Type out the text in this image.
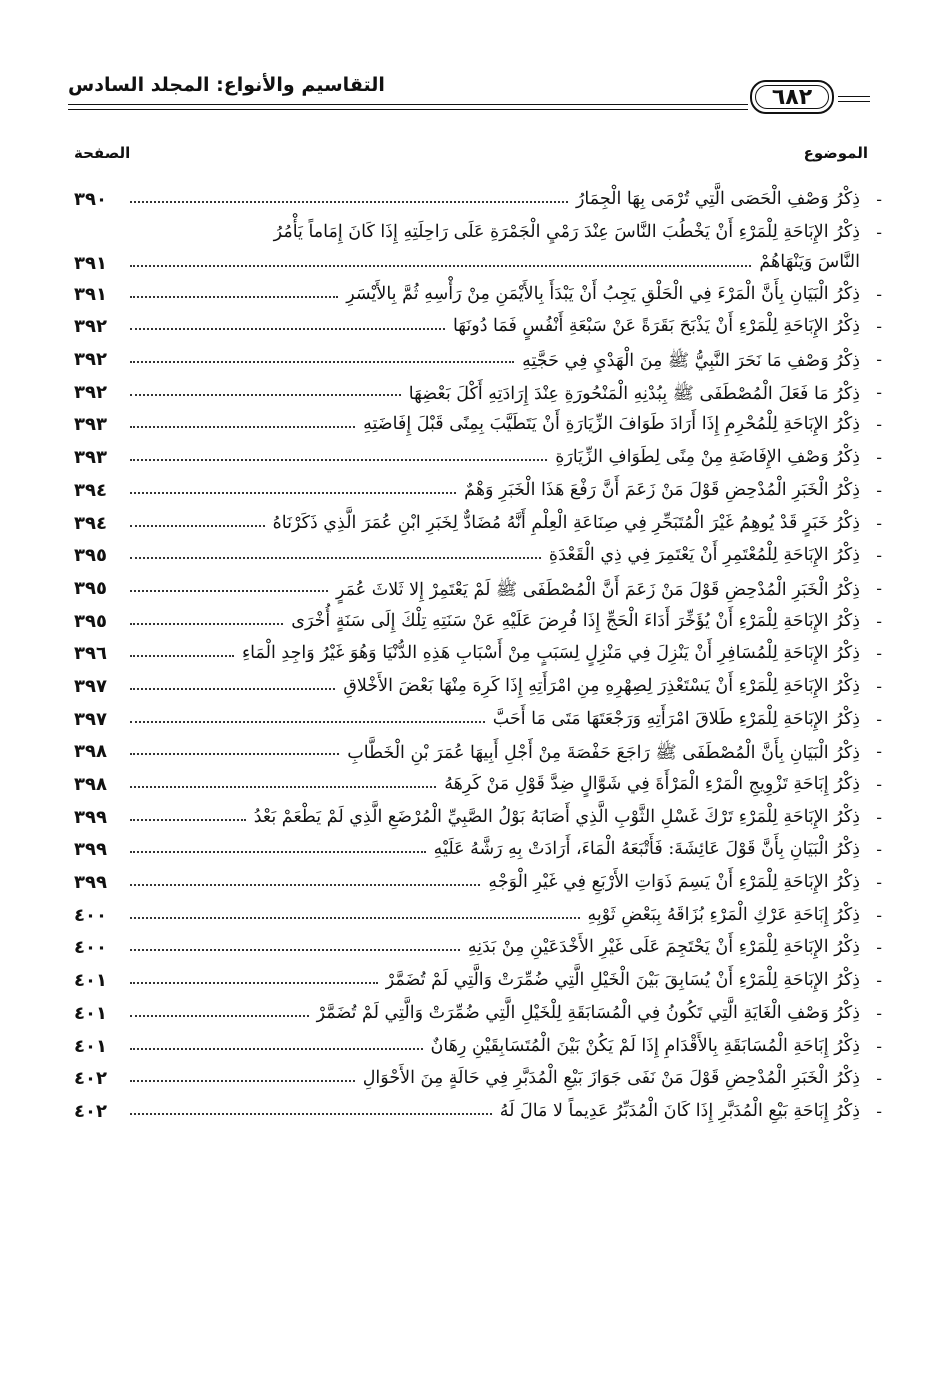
التقاسيم والأنواع: المجلد السادس	٦٨٢
الموضوع
الصفحة
-
ذِكْرُ وَصْفِ الْحَصَى الَّتِي تُرْمَى بِهَا الْجِمَارُ
٣٩٠
-
ذِكْرُ الإِبَاحَةِ لِلْمَرْءِ أَنْ يَخْطُبَ النَّاسَ عِنْدَ رَمْيِ الْجَمْرَةِ عَلَى رَاحِلَتِهِ إِذَا كَانَ إِمَاماً يَأْمُرُ
النَّاسَ وَيَنْهَاهُمْ
٣٩١
-
ذِكْرُ الْبَيَانِ بِأَنَّ الْمَرْءَ فِي الْحَلْقِ يَجِبُ أَنْ يَبْدَأَ بِالأَيْمَنِ مِنْ رَأْسِهِ ثُمَّ بِالأَيْسَرِ
٣٩١
-
ذِكْرُ الإِبَاحَةِ لِلْمَرْءِ أَنْ يَذْبَحَ بَقَرَةً عَنْ سَبْعَةِ أَنْفُسٍ فَمَا دُونَهَا
٣٩٢
-
ذِكْرُ وَصْفِ مَا نَحَرَ النَّبِيُّ ﷺ مِنَ الْهَدْيِ فِي حَجَّتِهِ
٣٩٢
-
ذِكْرُ مَا فَعَلَ الْمُصْطَفَى ﷺ بِبُدْنِهِ الْمَنْحُورَةِ عِنْدَ إِرَادَتِهِ أَكْلَ بَعْضِهَا
٣٩٢
-
ذِكْرُ الإِبَاحَةِ لِلْمُحْرِمِ إِذَا أَرَادَ طَوَافَ الزِّيَارَةِ أَنْ يَتَطَيَّبَ بِمِنًى قَبْلَ إِفَاضَتِهِ
٣٩٣
-
ذِكْرُ وَصْفِ الإِفَاضَةِ مِنْ مِنًى لِطَوَافِ الزِّيَارَةِ
٣٩٣
-
ذِكْرُ الْخَبَرِ الْمُدْحِضِ قَوْلَ مَنْ زَعَمَ أَنَّ رَفْعَ هَذَا الْخَبَرِ وَهْمٌ
٣٩٤
-
ذِكْرُ خَبَرٍ قَدْ يُوهِمُ غَيْرَ الْمُتَبَحِّرِ فِي صِنَاعَةِ الْعِلْمِ أَنَّهُ مُضَادٌّ لِخَبَرِ ابْنِ عُمَرَ الَّذِي ذَكَرْنَاهُ
٣٩٤
-
ذِكْرُ الإِبَاحَةِ لِلْمُعْتَمِرِ أَنْ يَعْتَمِرَ فِي ذِي الْقَعْدَةِ
٣٩٥
-
ذِكْرُ الْخَبَرِ الْمُدْحِضِ قَوْلَ مَنْ زَعَمَ أَنَّ الْمُصْطَفَى ﷺ لَمْ يَعْتَمِرْ إِلا ثَلاثَ عُمَرٍ
٣٩٥
-
ذِكْرُ الإِبَاحَةِ لِلْمَرْءِ أَنْ يُؤَخِّرَ أَدَاءَ الْحَجِّ إِذَا فُرِضَ عَلَيْهِ عَنْ سَنَتِهِ تِلْكَ إِلَى سَنَةٍ أُخْرَى
٣٩٥
-
ذِكْرُ الإِبَاحَةِ لِلْمُسَافِرِ أَنْ يَنْزِلَ فِي مَنْزِلٍ لِسَبَبٍ مِنْ أَسْبَابِ هَذِهِ الدُّنْيَا وَهُوَ غَيْرُ وَاجِدِ الْمَاءِ
٣٩٦
-
ذِكْرُ الإِبَاحَةِ لِلْمَرْءِ أَنْ يَسْتَعْذِرَ لِصِهْرِهِ مِنِ امْرَأَتِهِ إِذَا كَرِهَ مِنْهَا بَعْضَ الأَخْلاقِ
٣٩٧
-
ذِكْرُ الإِبَاحَةِ لِلْمَرْءِ طَلاقَ امْرَأَتِهِ وَرَجْعَتَهَا مَتَى مَا أَحَبَّ
٣٩٧
-
ذِكْرُ الْبَيَانِ بِأَنَّ الْمُصْطَفَى ﷺ رَاجَعَ حَفْصَةَ مِنْ أَجْلِ أَبِيهَا عُمَرَ بْنِ الْخَطَّابِ
٣٩٨
-
ذِكْرُ إِبَاحَةِ تَزْوِيجِ الْمَرْءِ الْمَرْأَةَ فِي شَوَّالٍ ضِدَّ قَوْلِ مَنْ كَرِهَهُ
٣٩٨
-
ذِكْرُ الإِبَاحَةِ لِلْمَرْءِ تَرْكَ غَسْلِ الثَّوْبِ الَّذِي أَصَابَهُ بَوْلُ الصَّبِيِّ الْمُرْضَعِ الَّذِي لَمْ يَطْعَمْ بَعْدُ
٣٩٩
-
ذِكْرُ الْبَيَانِ بِأَنَّ قَوْلَ عَائِشَةَ: فَأَتْبَعَهُ الْمَاءَ، أَرَادَتْ بِهِ رَشَّهُ عَلَيْهِ
٣٩٩
-
ذِكْرُ الإِبَاحَةِ لِلْمَرْءِ أَنْ يَسِمَ ذَوَاتِ الأَرْبَعِ فِي غَيْرِ الْوَجْهِ
٣٩٩
-
ذِكْرُ إِبَاحَةِ عَرْكِ الْمَرْءِ بُزَاقَهُ بِبَعْضِ ثَوْبِهِ
٤٠٠
-
ذِكْرُ الإِبَاحَةِ لِلْمَرْءِ أَنْ يَحْتَجِمَ عَلَى غَيْرِ الأَخْدَعَيْنِ مِنْ بَدَنِهِ
٤٠٠
-
ذِكْرُ الإِبَاحَةِ لِلْمَرْءِ أَنْ يُسَابِقَ بَيْنَ الْخَيْلِ الَّتِي ضُمِّرَتْ وَالَّتِي لَمْ تُضَمَّرْ
٤٠١
-
ذِكْرُ وَصْفِ الْغَايَةِ الَّتِي تَكُونُ فِي الْمُسَابَقَةِ لِلْخَيْلِ الَّتِي ضُمِّرَتْ وَالَّتِي لَمْ تُضَمَّرْ
٤٠١
-
ذِكْرُ إِبَاحَةِ الْمُسَابَقَةِ بِالأَقْدَامِ إِذَا لَمْ يَكُنْ بَيْنَ الْمُتَسَابِقَيْنِ رِهَانٌ
٤٠١
-
ذِكْرُ الْخَبَرِ الْمُدْحِضِ قَوْلَ مَنْ نَفَى جَوَازَ بَيْعِ الْمُدَبَّرِ فِي حَالَةٍ مِنَ الأَحْوَالِ
٤٠٢
-
ذِكْرُ إِبَاحَةِ بَيْعِ الْمُدَبَّرِ إِذَا كَانَ الْمُدَبِّرُ عَدِيماً لا مَالَ لَهُ
٤٠٢
